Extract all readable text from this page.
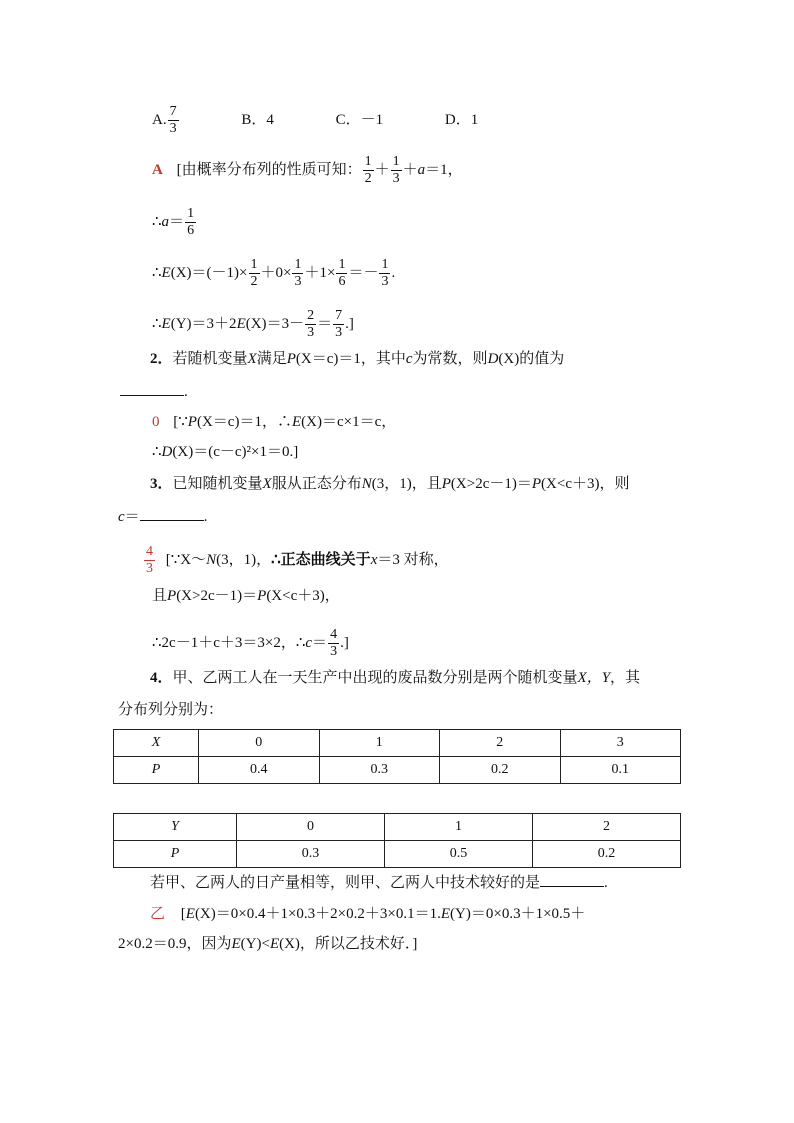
A. $\frac{7}{3}$	B．4	C．－1	D．1
A [由概率分布列的性质可知： $\frac{1}{2} + \frac{1}{3} +a=1$，
∴a＝ $\frac{1}{6}$
∴E(X)＝(－1)× $\frac{1}{2} +0\times \frac{1}{3} +1\times \frac{1}{6} =- \frac{1}{3}$ .
∴E(Y)＝3＋2E(X)＝3－ $\frac{2}{3} = \frac{7}{3}$ .]
2．若随机变量X满足P(X＝c)＝1，其中c为常数，则D(X)的值为
.
0 [∵P(X＝c)＝1，∴E(X)＝c×1＝c，
∴D(X)＝(c－c)²×1＝0.]
3．已知随机变量X服从正态分布N(3，1)，且P(X>2c－1)＝P(X<c＋3)，则
c＝	.
$\frac{4}{3}$ [∵X～N(3，1)，∴正态曲线关于x＝3 对称，
且P(X>2c－1)＝P(X<c＋3)，
∴2c－1＋c＋3＝3×2，∴c＝ $\frac{4}{3}$ .]
4．甲、乙两工人在一天生产中出现的废品数分别是两个随机变量X，Y，其
分布列分别为：
X	0	1	2	3
P	0.4	0.3	0.2	0.1
Y	0	1	2
P	0.3	0.5	0.2
若甲、乙两人的日产量相等，则甲、乙两人中技术较好的是	.
乙 [E(X)＝0×0.4＋1×0.3＋2×0.2＋3×0.1＝1.E(Y)＝0×0.3＋1×0.5＋
2×0.2＝0.9，因为E(Y)<E(X)，所以乙技术好．]
